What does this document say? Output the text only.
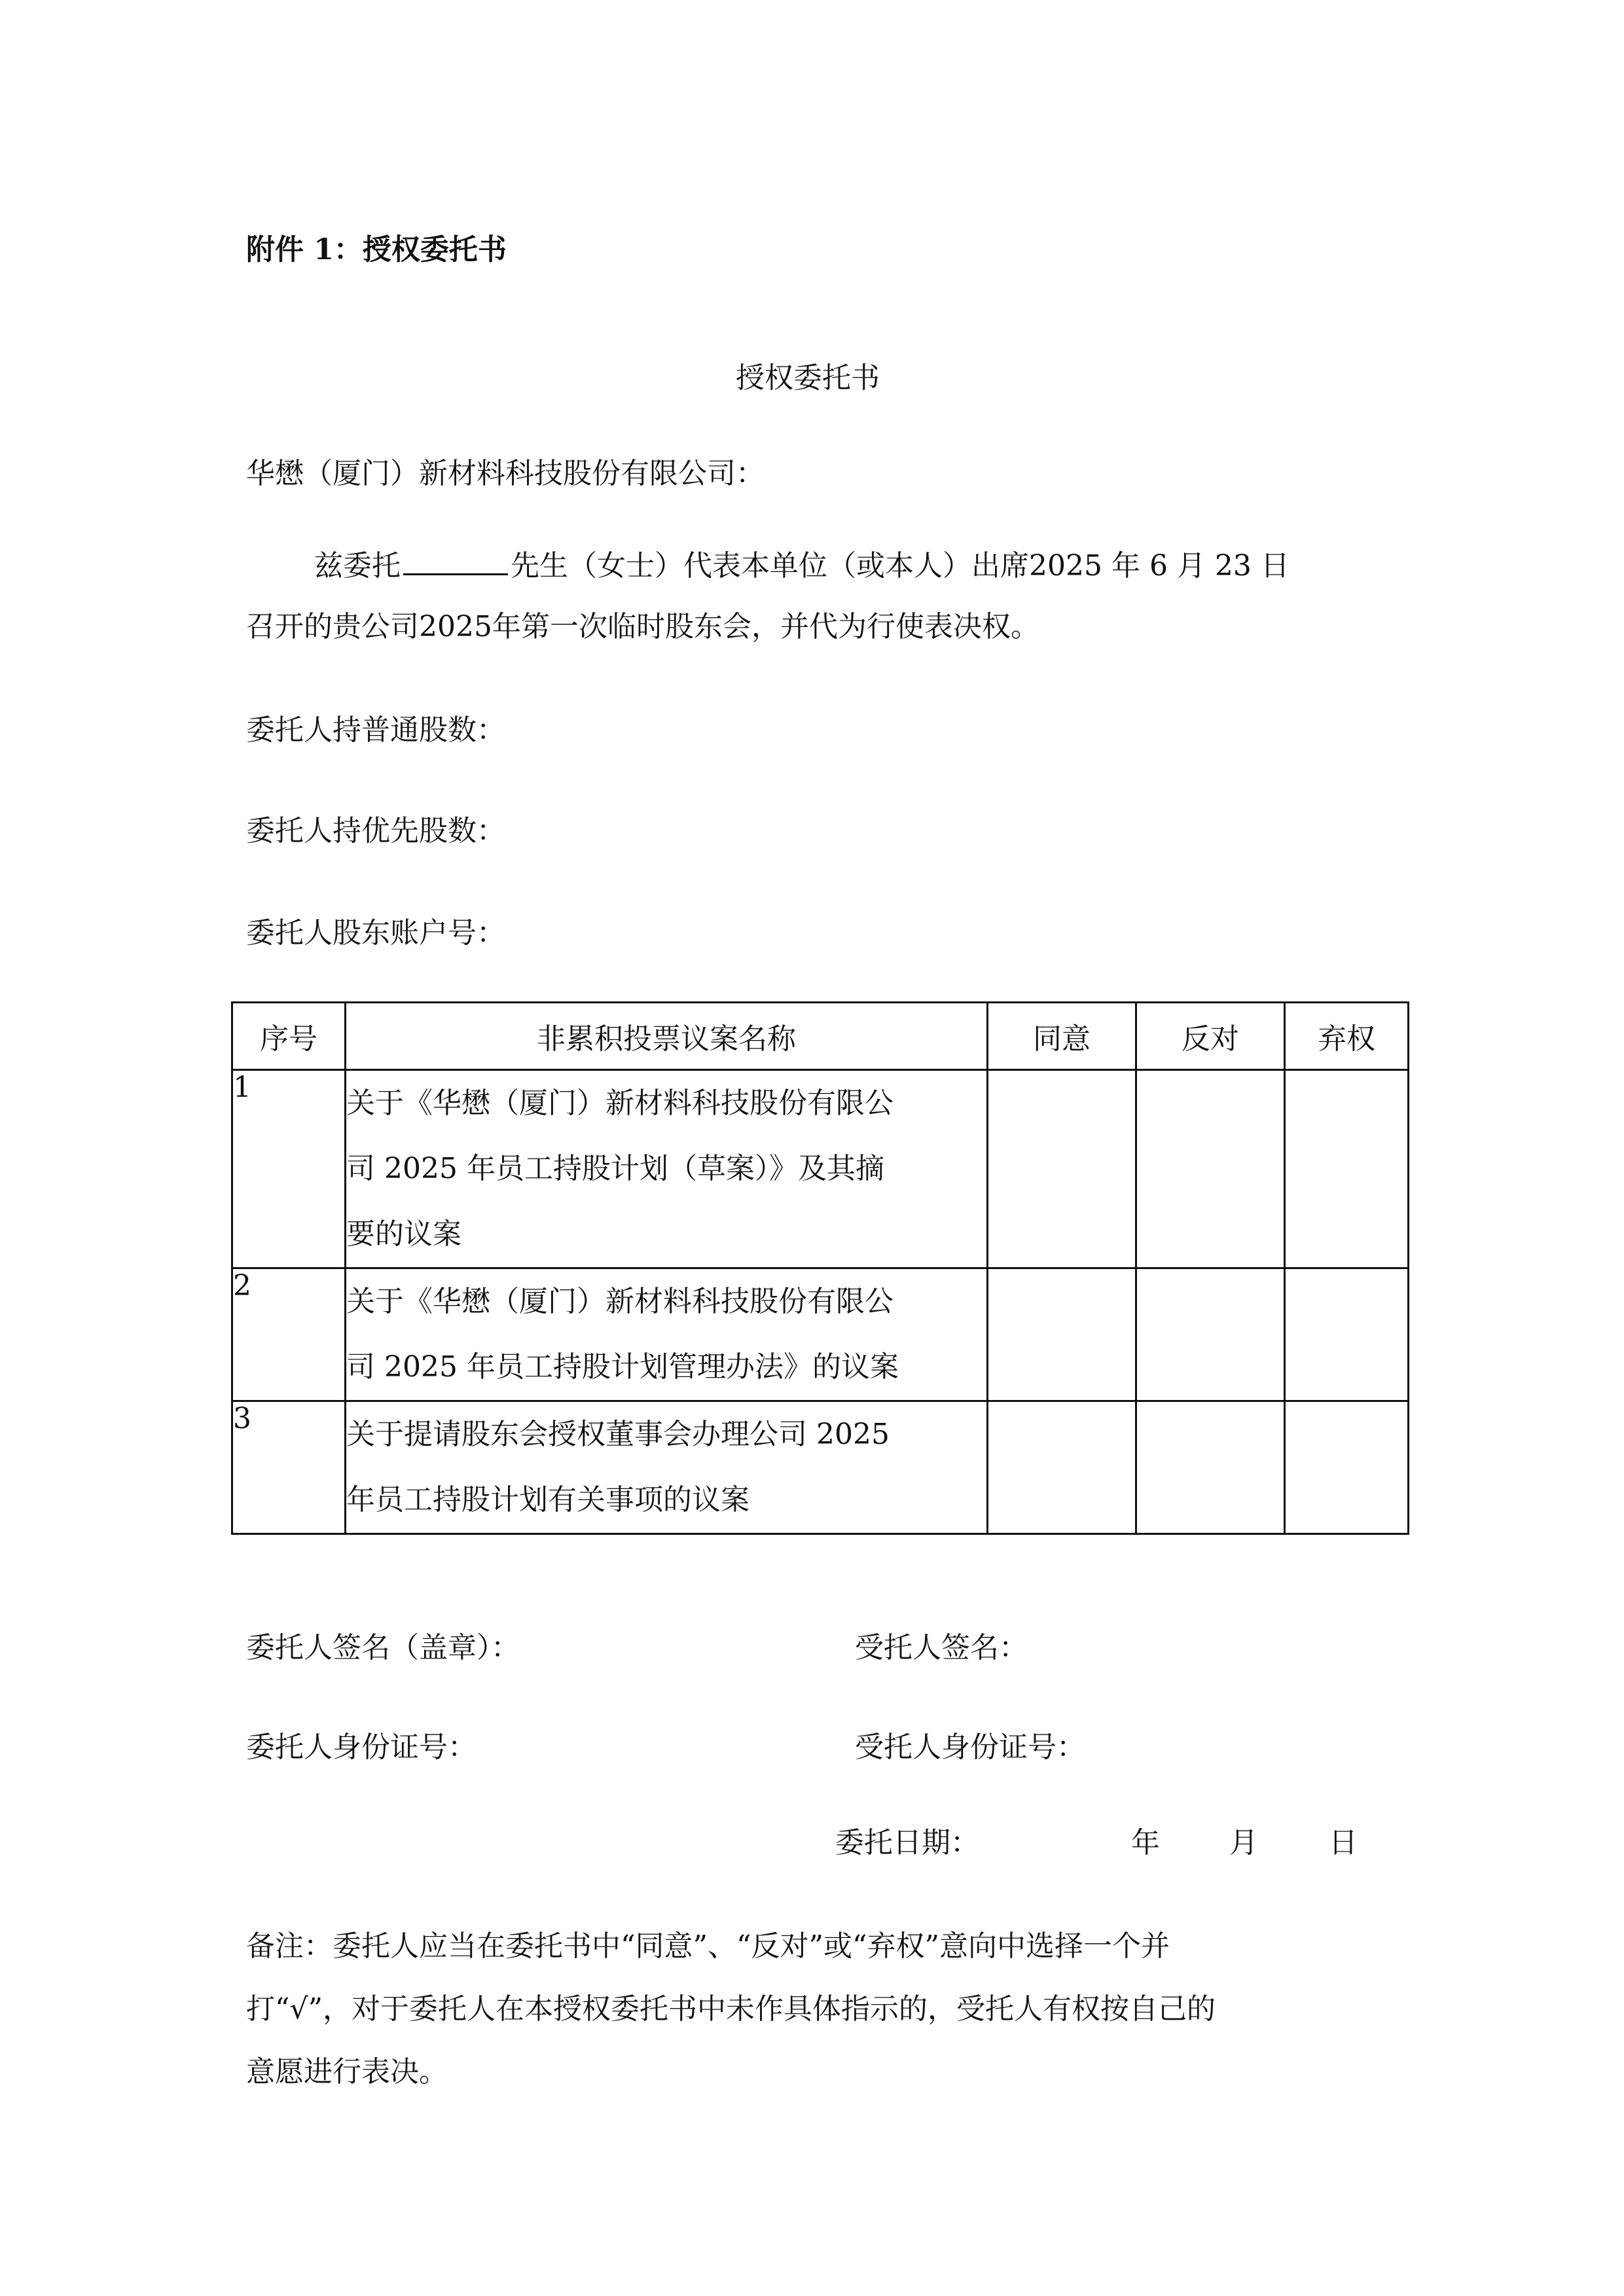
附件 1：授权委托书
授权委托书
华懋（厦门）新材料科技股份有限公司：
兹委托	先生（女士）代表本单位（或本人）出席2025 年 6 月 23 日
召开的贵公司2025年第一次临时股东会，并代为行使表决权。
委托人持普通股数：
委托人持优先股数：
委托人股东账户号：
序号	非累积投票议案名称	同意	反对	弃权
1	关于《华懋（厦门）新材料科技股份有限公
司 2025 年员工持股计划（草案）》及其摘
要的议案			

2	关于《华懋（厦门）新材料科技股份有限公
司 2025 年员工持股计划管理办法》的议案			

3	关于提请股东会授权董事会办理公司 2025
年员工持股计划有关事项的议案			

委托人签名（盖章）：	受托人签名：
委托人身份证号：	受托人身份证号：
委托日期：	年 月 日
备注：委托人应当在委托书中“同意”、“反对”或“弃权”意向中选择一个并
打“√”，对于委托人在本授权委托书中未作具体指示的，受托人有权按自己的
意愿进行表决。
